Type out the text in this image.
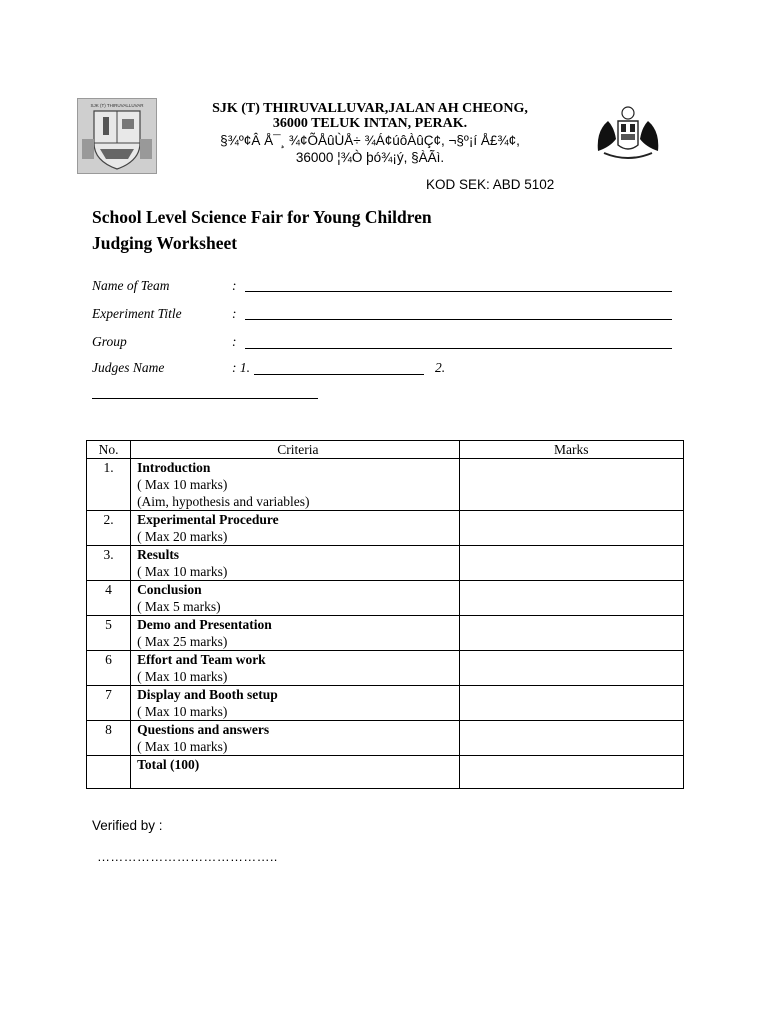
SJK (T) THIRUVALLUVAR	SJK (T) THIRUVALLUVAR,JALAN AH CHEONG,
36000 TELUK INTAN, PERAK.
§¾º¢Â Å¯¸ ¾¢ÕÅûÙÅ÷ ¾Á¢úôÀûÇ¢, ¬§º¡í Å£¾¢,
36000 ¦¾Ò þó¾¡ý, §ÀÃì.
KOD SEK: ABD 5102
School Level Science Fair for Young Children
Judging Worksheet
Name of Team	:
Experiment Title	:
Group	:
Judges Name	: 1.	2.
No.	Criteria	Marks
1.	Introduction
( Max 10 marks)
(Aim, hypothesis and variables)	

2.	Experimental Procedure
( Max 20 marks)	

3.	Results
( Max 10 marks)	

4	Conclusion
( Max 5 marks)	

5	Demo and Presentation
( Max 25 marks)	

6	Effort and Team work
( Max 10 marks)	

7	Display and Booth setup
( Max 10 marks)	

8	Questions and answers
( Max 10 marks)	

	Total (100)	

Verified by :
…………………………………..
